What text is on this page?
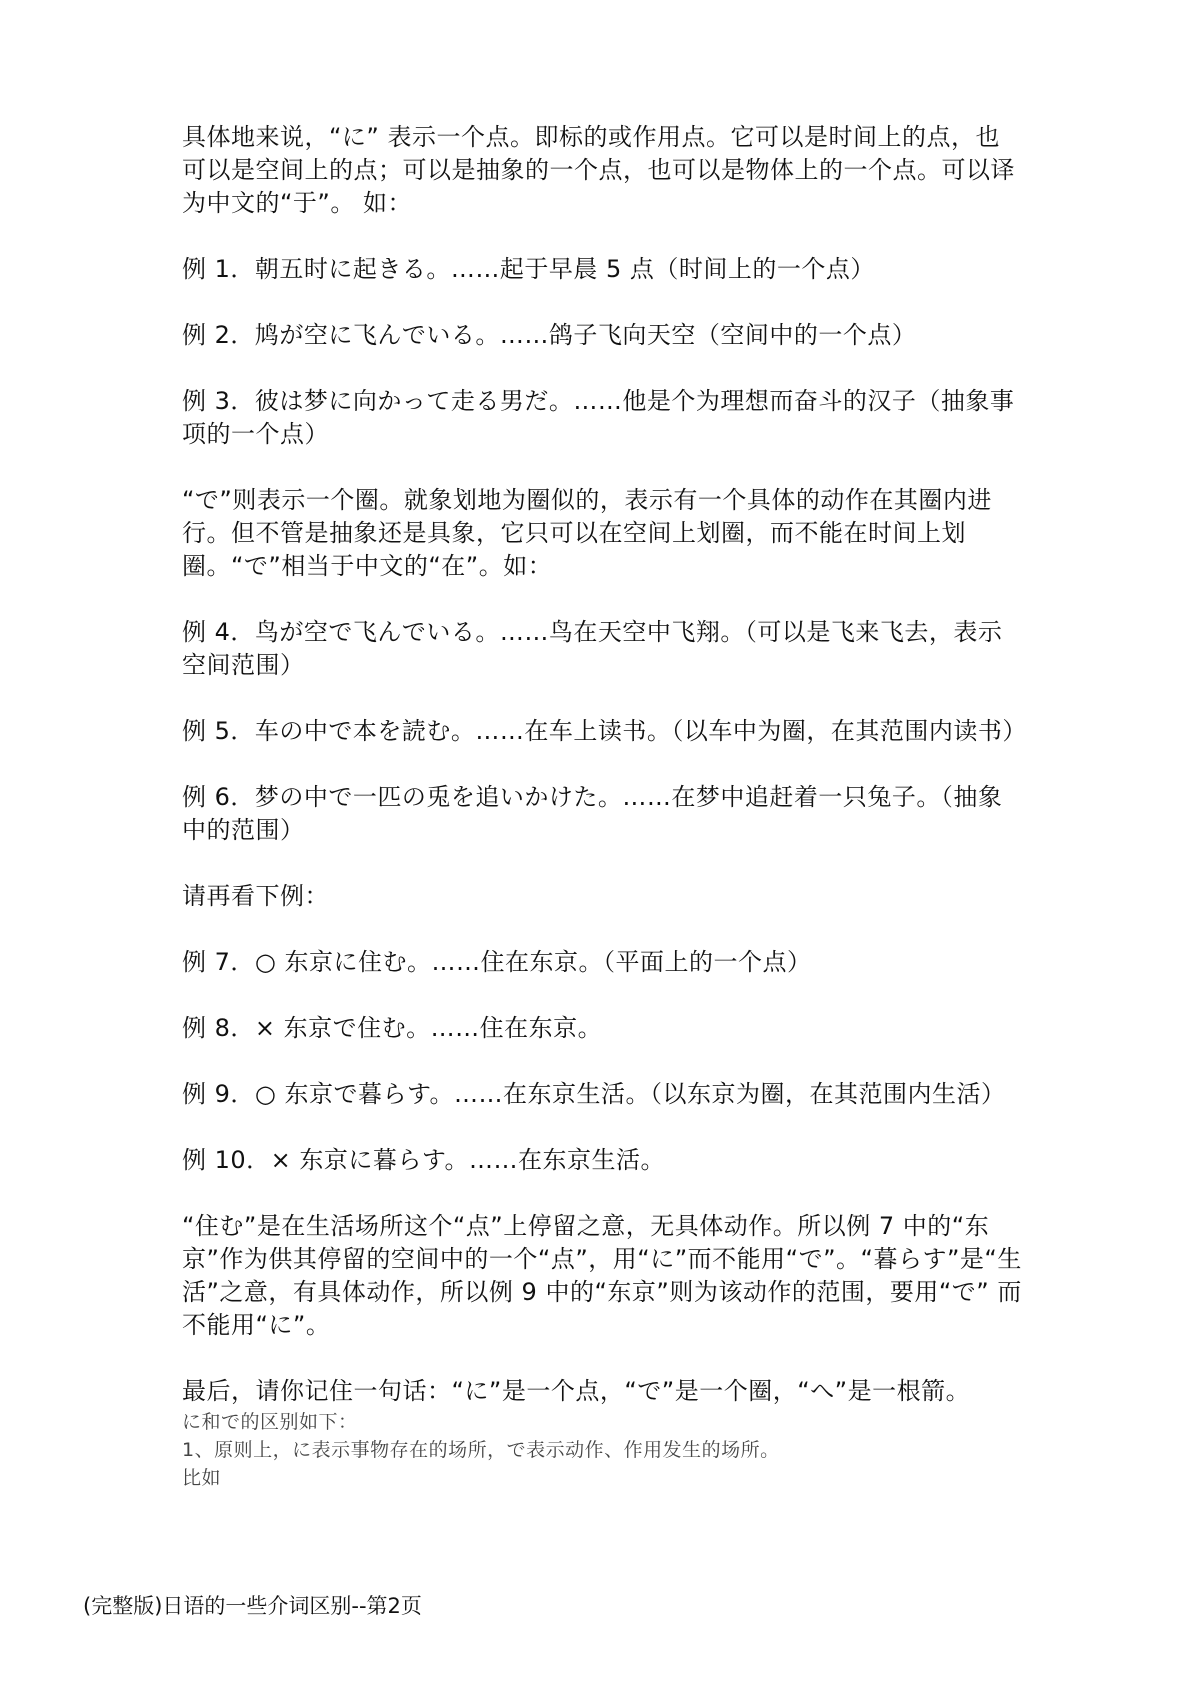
具体地来说，“に” 表示一个点。即标的或作用点。它可以是时间上的点，也可以是空间上的点；可以是抽象的一个点，也可以是物体上的一个点。可以译为中文的“于”。 如：

例 1．朝五时に起きる。……起于早晨 5 点（时间上的一个点）

例 2．鸠が空に飞んでいる。……鸽子飞向天空（空间中的一个点）

例 3．彼は梦に向かって走る男だ。……他是个为理想而奋斗的汉子（抽象事项的一个点）

“で”则表示一个圈。就象划地为圈似的，表示有一个具体的动作在其圈内进行。但不管是抽象还是具象，它只可以在空间上划圈，而不能在时间上划圈。“で”相当于中文的“在”。如：

例 4．鸟が空で飞んでいる。……鸟在天空中飞翔。（可以是飞来飞去，表示空间范围）

例 5．车の中で本を読む。……在车上读书。（以车中为圈，在其范围内读书）

例 6．梦の中で一匹の兎を追いかけた。……在梦中追赶着一只兔子。（抽象中的范围）

请再看下例：

例 7．○ 东京に住む。……住在东京。（平面上的一个点）

例 8．× 东京で住む。……住在东京。

例 9．○ 东京で暮らす。……在东京生活。（以东京为圈，在其范围内生活）

例 10．× 东京に暮らす。……在东京生活。

“住む”是在生活场所这个“点”上停留之意，无具体动作。所以例 7 中的“东京”作为供其停留的空间中的一个“点”，用“に”而不能用“で”。“暮らす”是“生活”之意，有具体动作，所以例 9 中的“东京”则为该动作的范围，要用“で” 而不能用“に”。

最后，请你记住一句话：“に”是一个点，“で”是一个圈，“へ”是一根箭。

に和で的区别如下：

1、原则上，に表示事物存在的场所，で表示动作、作用发生的场所。

比如

(完整版)日语的一些介词区别--第2页
